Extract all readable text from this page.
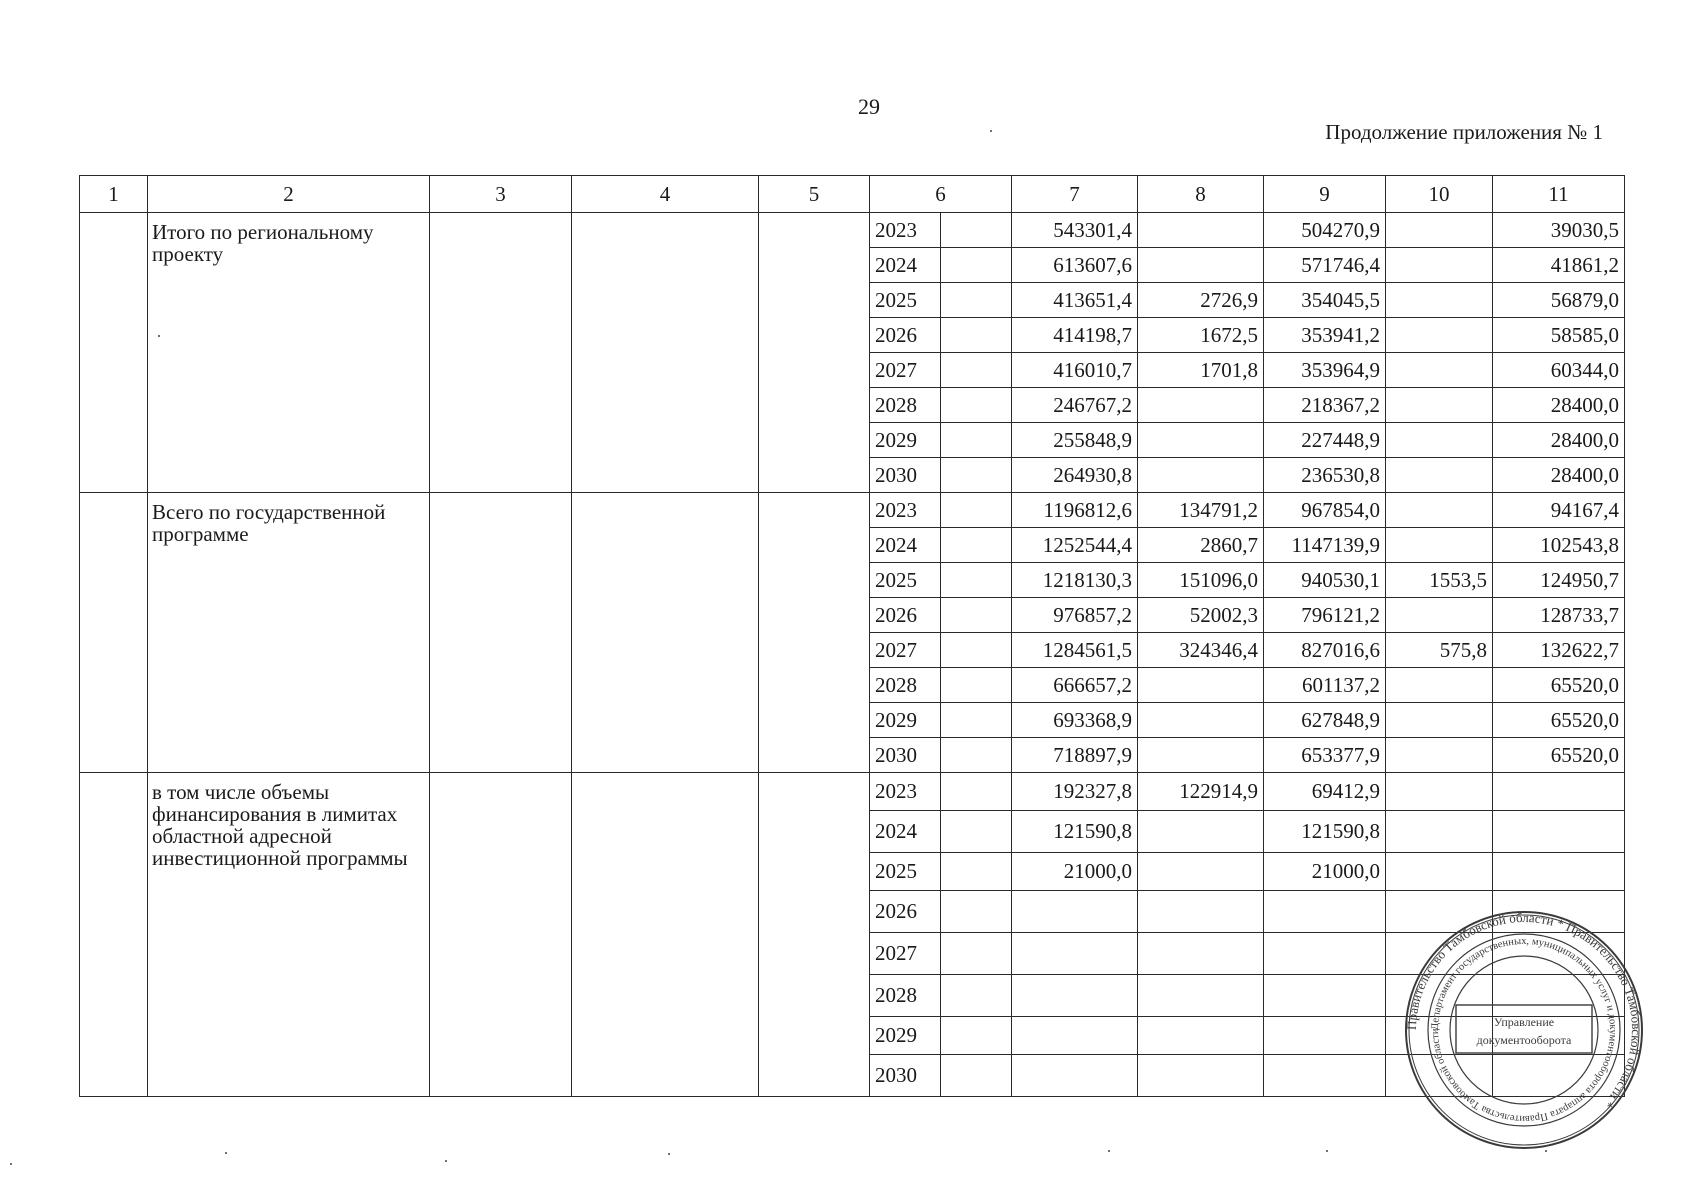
29
Продолжение приложения № 1
1	2	3	4	5	6		7	8	9	10	11
	Итого по региональному проекту				2023		543301,4		504270,9		39030,5
					2024		613607,6		571746,4		41861,2
					2025		413651,4	2726,9	354045,5		56879,0
					2026		414198,7	1672,5	353941,2		58585,0
					2027		416010,7	1701,8	353964,9		60344,0
					2028		246767,2		218367,2		28400,0
					2029		255848,9		227448,9		28400,0
					2030		264930,8		236530,8		28400,0
	Всего по государственной программе				2023		1196812,6	134791,2	967854,0		94167,4
					2024		1252544,4	2860,7	1147139,9		102543,8
					2025		1218130,3	151096,0	940530,1	1553,5	124950,7
					2026		976857,2	52002,3	796121,2		128733,7
					2027		1284561,5	324346,4	827016,6	575,8	132622,7
					2028		666657,2		601137,2		65520,0
					2029		693368,9		627848,9		65520,0
					2030		718897,9		653377,9		65520,0
	в том числе объемы финансирования в лимитах областной адресной инвестиционной программы				2023		192327,8	122914,9	69412,9		
					2024		121590,8		121590,8		
					2025		21000,0		21000,0		
					2026						
					2027						
					2028						
					2029						
					2030						
Правительство Тамбовской области * Правительство Тамбовской области *
Департамент государственных, муниципальных услуг и документооборота аппарата Правительства Тамбовской области
Управление
документооборота
